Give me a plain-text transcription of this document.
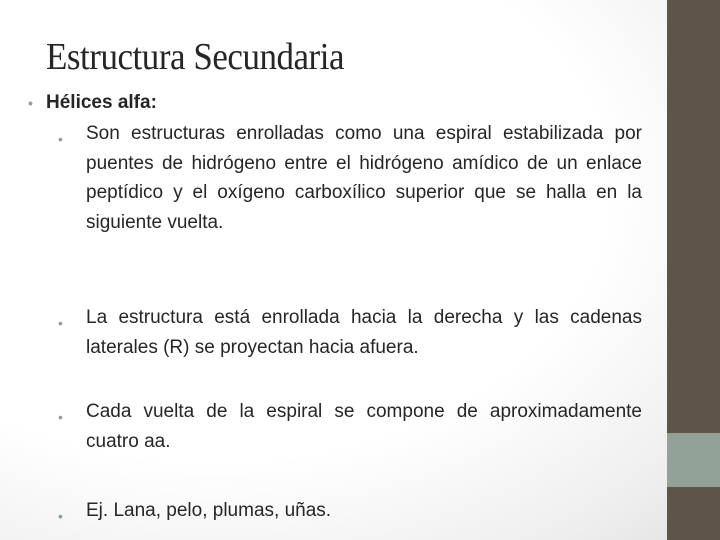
Estructura Secundaria
• Hélices alfa:
• Son estructuras enrolladas como una espiral estabilizada por puentes de hidrógeno entre el hidrógeno amídico de un enlace peptídico y el oxígeno carboxílico superior que se halla en la siguiente vuelta.
• La estructura está enrollada hacia la derecha y las cadenas laterales (R) se proyectan hacia afuera.
• Cada vuelta de la espiral se compone de aproximadamente cuatro aa.
• Ej. Lana, pelo, plumas, uñas.
